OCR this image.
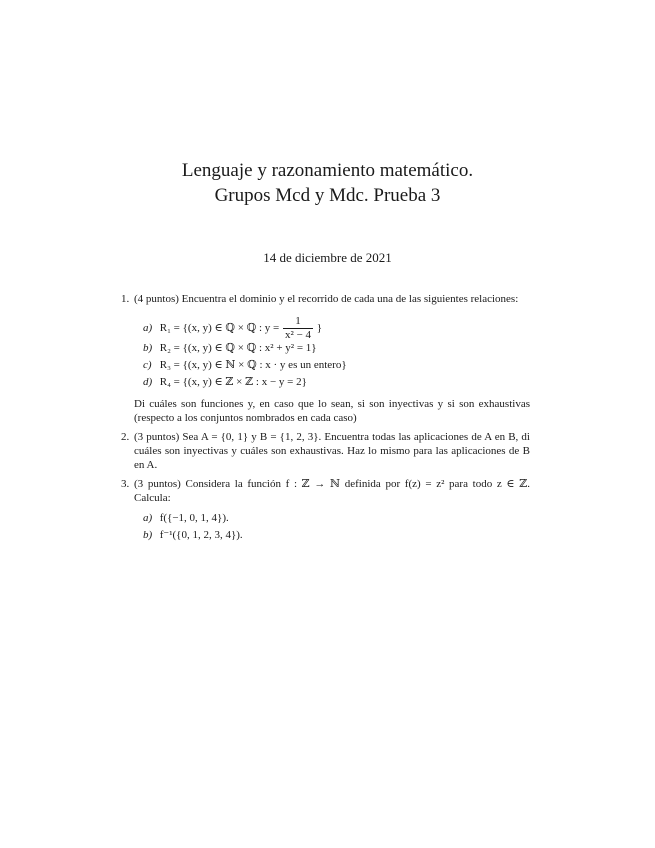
Lenguaje y razonamiento matemático.
Grupos Mcd y Mdc. Prueba 3
14 de diciembre de 2021
1. (4 puntos) Encuentra el dominio y el recorrido de cada una de las siguientes relaciones:
a) R₁ = {(x, y) ∈ ℚ × ℚ : $y = \frac{1}{\text{x² − 4}}$ }
b) R₂ = {(x, y) ∈ ℚ × ℚ : x² + y² = 1}
c) R₃ = {(x, y) ∈ ℕ × ℚ : x · y es un entero}
d) R₄ = {(x, y) ∈ ℤ × ℤ : x − y = 2}
Di cuáles son funciones y, en caso que lo sean, si son inyectivas y si son exhaustivas (respecto a los conjuntos nombrados en cada caso)
2. (3 puntos) Sea A = {0, 1} y B = {1, 2, 3}. Encuentra todas las aplicaciones de A en B, di cuáles son inyectivas y cuáles son exhaustivas. Haz lo mismo para las aplicaciones de B en A.
3. (3 puntos) Considera la función f : ℤ → ℕ definida por f(z) = z² para todo z ∈ ℤ. Calcula:
a) f({−1, 0, 1, 4}).
b) f⁻¹({0, 1, 2, 3, 4}).
